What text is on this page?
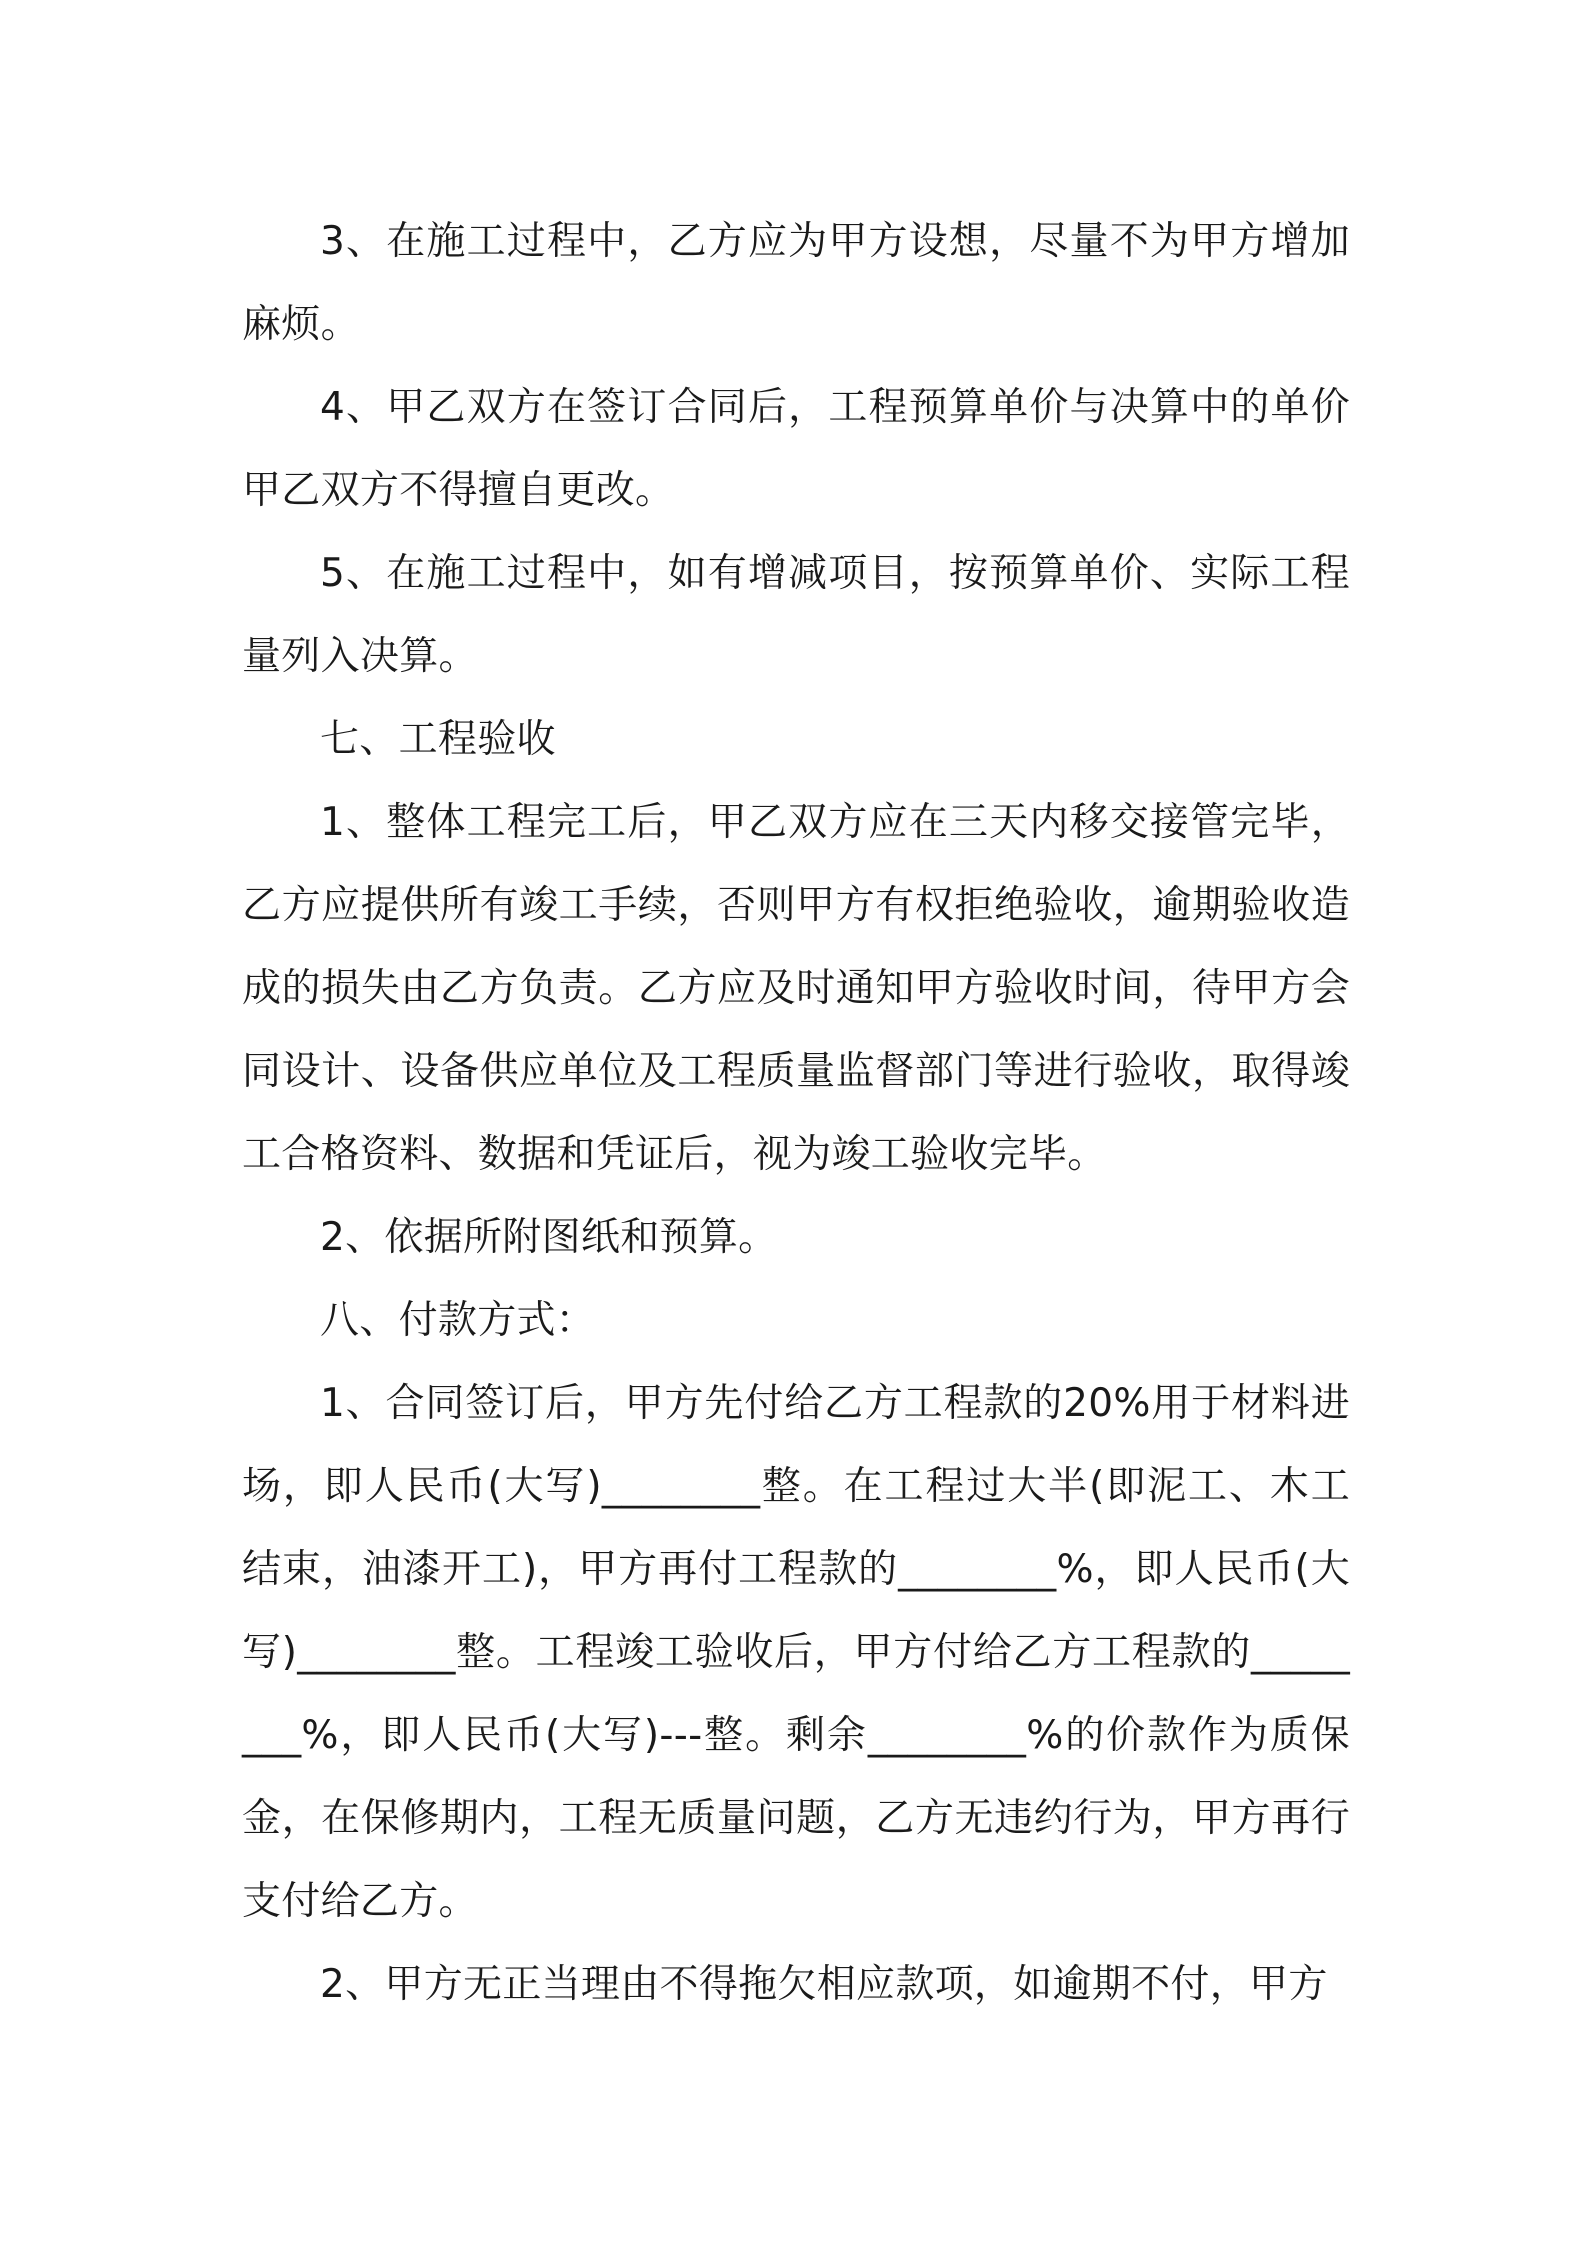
3、在施工过程中，乙方应为甲方设想，尽量不为甲方增加麻烦。

4、甲乙双方在签订合同后，工程预算单价与决算中的单价甲乙双方不得擅自更改。

5、在施工过程中，如有增减项目，按预算单价、实际工程量列入决算。

七、工程验收

1、整体工程完工后，甲乙双方应在三天内移交接管完毕，乙方应提供所有竣工手续，否则甲方有权拒绝验收，逾期验收造成的损失由乙方负责。乙方应及时通知甲方验收时间，待甲方会同设计、设备供应单位及工程质量监督部门等进行验收，取得竣工合格资料、数据和凭证后，视为竣工验收完毕。

2、依据所附图纸和预算。

八、付款方式：

1、合同签订后，甲方先付给乙方工程款的20%用于材料进场，即人民币(大写)________整。在工程过大半(即泥工、木工结束，油漆开工)，甲方再付工程款的________%，即人民币(大写)________整。工程竣工验收后，甲方付给乙方工程款的________%，即人民币(大写)---整。剩余________%的价款作为质保金，在保修期内，工程无质量问题，乙方无违约行为，甲方再行支付给乙方。

2、甲方无正当理由不得拖欠相应款项，如逾期不付，甲方
